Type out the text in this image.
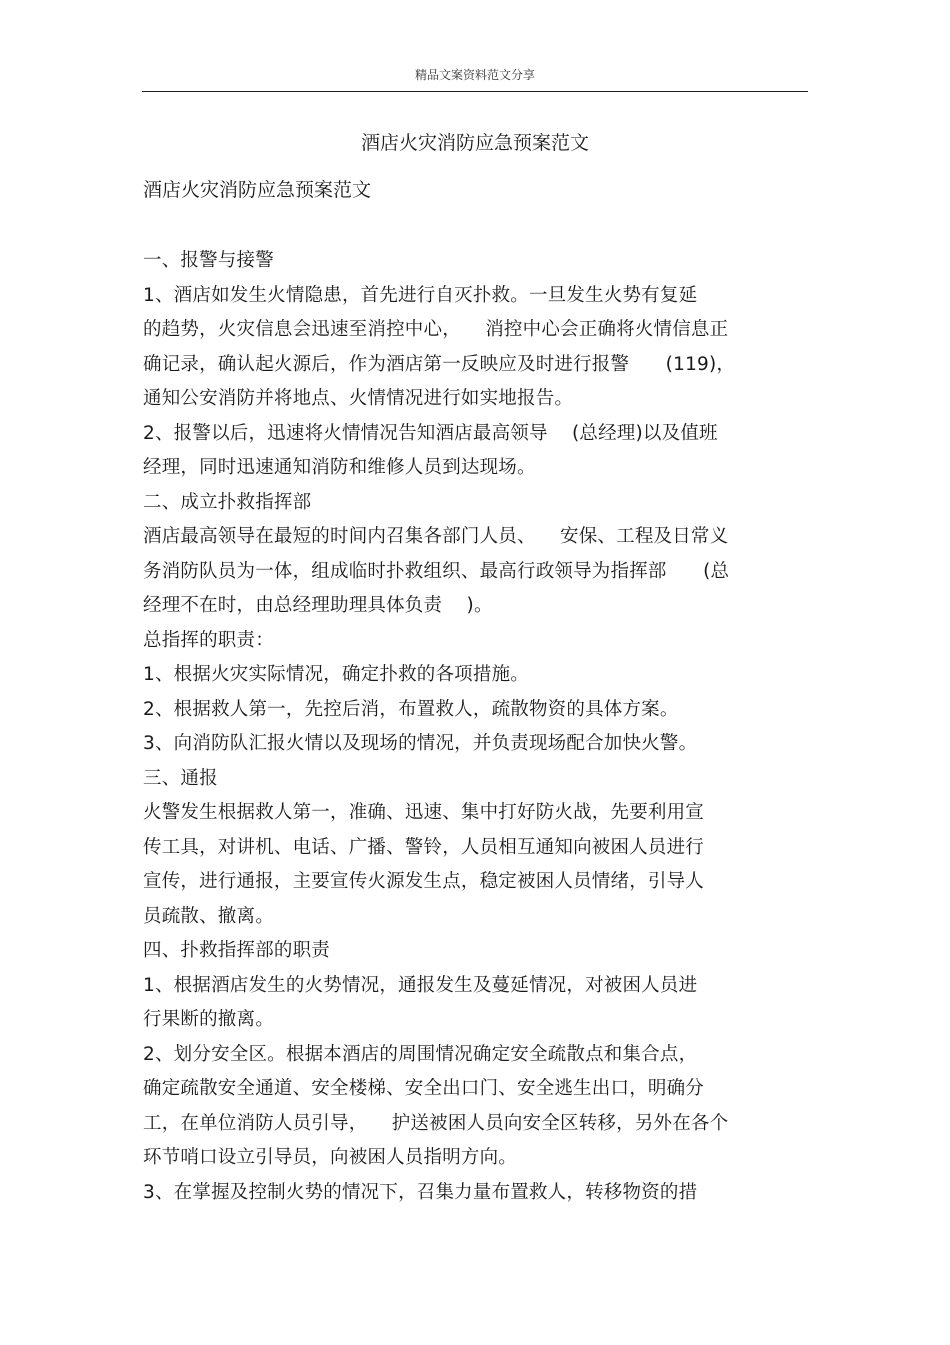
精品文案资料范文分享
酒店火灾消防应急预案范文
酒店火灾消防应急预案范文
一、报警与接警
1、酒店如发生火情隐患，首先进行自灭扑救。一旦发生火势有复延
的趋势，火灾信息会迅速至消控中心，    消控中心会正确将火情信息正
确记录，确认起火源后，作为酒店第一反映应及时进行报警      (119)，
通知公安消防并将地点、火情情况进行如实地报告。
2、报警以后，迅速将火情情况告知酒店最高领导    (总经理)以及值班
经理，同时迅速通知消防和维修人员到达现场。
二、成立扑救指挥部
酒店最高领导在最短的时间内召集各部门人员、    安保、工程及日常义
务消防队员为一体，组成临时扑救组织、最高行政领导为指挥部      (总
经理不在时，由总经理助理具体负责    )。
总指挥的职责：
1、根据火灾实际情况，确定扑救的各项措施。
2、根据救人第一，先控后消，布置救人，疏散物资的具体方案。
3、向消防队汇报火情以及现场的情况，并负责现场配合加快火警。
三、通报
火警发生根据救人第一，准确、迅速、集中打好防火战，先要利用宣
传工具，对讲机、电话、广播、警铃，人员相互通知向被困人员进行
宣传，进行通报，主要宣传火源发生点，稳定被困人员情绪，引导人
员疏散、撤离。
四、扑救指挥部的职责
1、根据酒店发生的火势情况，通报发生及蔓延情况，对被困人员进
行果断的撤离。
2、划分安全区。根据本酒店的周围情况确定安全疏散点和集合点，
确定疏散安全通道、安全楼梯、安全出口门、安全逃生出口，明确分
工，在单位消防人员引导，    护送被困人员向安全区转移，另外在各个
环节哨口设立引导员，向被困人员指明方向。
3、在掌握及控制火势的情况下，召集力量布置救人，转移物资的措
